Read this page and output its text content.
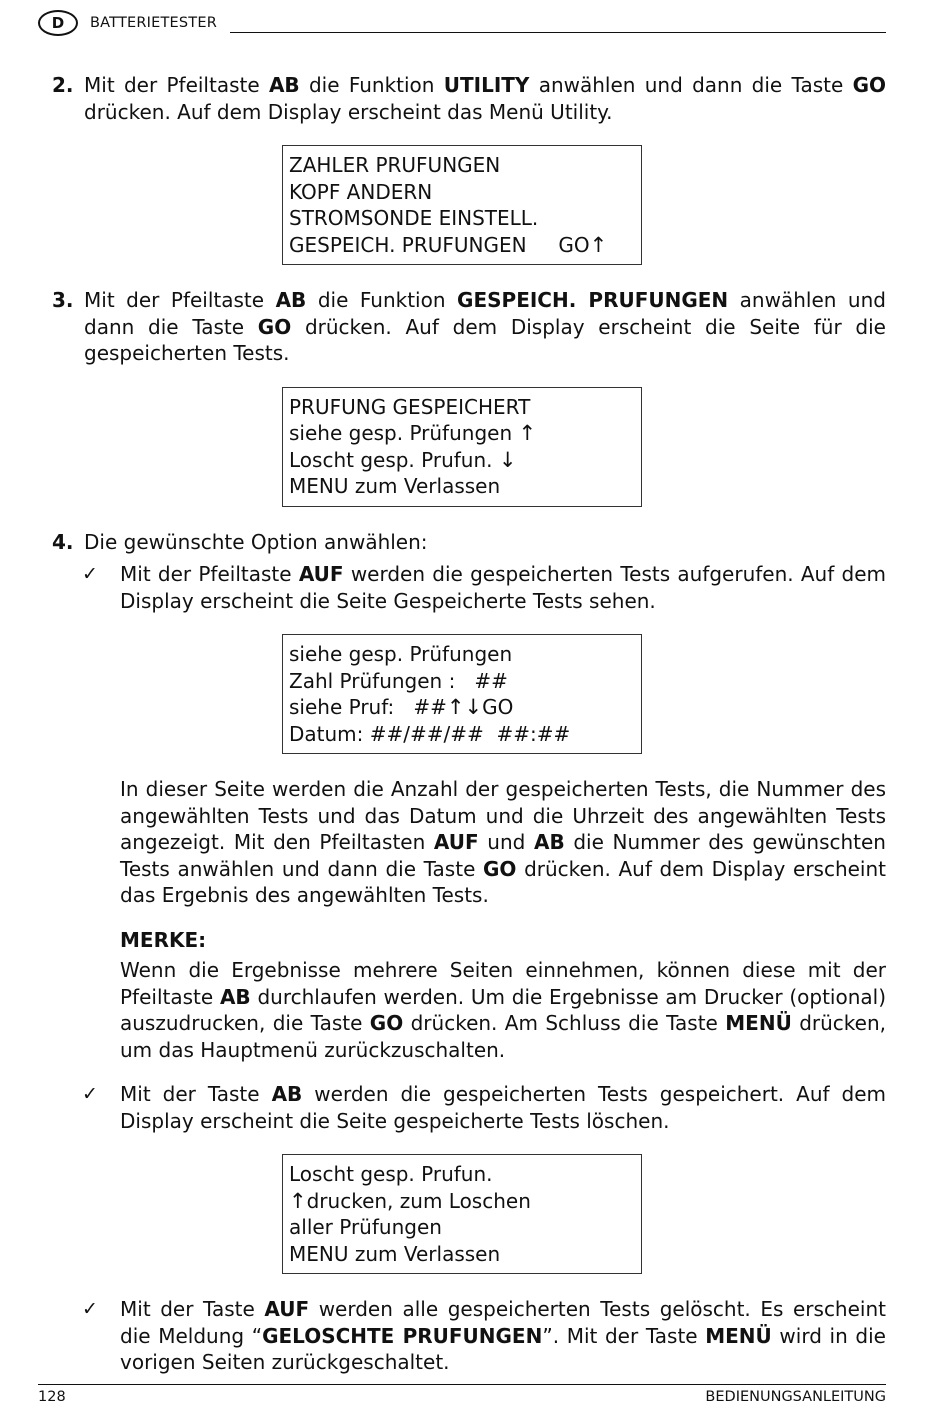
D	BATTERIETESTER

2. Mit der Pfeiltaste AB die Funktion UTILITY anwählen und dann die Taste GO drücken. Auf dem Display erscheint das Menü Utility.

ZAHLER PRUFUNGEN
KOPF ANDERN
STROMSONDE EINSTELL.
GESPEICH. PRUFUNGEN     GO↑

3. Mit der Pfeiltaste AB die Funktion GESPEICH. PRUFUNGEN anwählen und dann die Taste GO drücken. Auf dem Display erscheint die Seite für die gespeicherten Tests.

PRUFUNG GESPEICHERT
siehe gesp. Prüfungen ↑
Loscht gesp. Prufun. ↓
MENU zum Verlassen

4. Die gewünschte Option anwählen:

✓ Mit der Pfeiltaste AUF werden die gespeicherten Tests aufgerufen. Auf dem Display erscheint die Seite Gespeicherte Tests sehen.

siehe gesp. Prüfungen
Zahl Prüfungen :   ##
siehe Pruf:   ##↑↓GO
Datum: ##/##/##  ##:##

In dieser Seite werden die Anzahl der gespeicherten Tests, die Nummer des angewählten Tests und das Datum und die Uhrzeit des angewählten Tests angezeigt. Mit den Pfeiltasten AUF und AB die Nummer des gewünschten Tests anwählen und dann die Taste GO drücken. Auf dem Display erscheint das Ergebnis des angewählten Tests.

MERKE:

Wenn die Ergebnisse mehrere Seiten einnehmen, können diese mit der Pfeiltaste AB durchlaufen werden. Um die Ergebnisse am Drucker (optional) auszudrucken, die Taste GO drücken. Am Schluss die Taste MENÜ drücken, um das Hauptmenü zurückzuschalten.

✓ Mit der Taste AB werden die gespeicherten Tests gespeichert. Auf dem Display erscheint die Seite gespeicherte Tests löschen.

Loscht gesp. Prufun.
↑drucken, zum Loschen
aller Prüfungen
MENU zum Verlassen

✓ Mit der Taste AUF werden alle gespeicherten Tests gelöscht. Es erscheint die Meldung “GELOSCHTE PRUFUNGEN”. Mit der Taste MENÜ wird in die vorigen Seiten zurückgeschaltet.

128	BEDIENUNGSANLEITUNG
